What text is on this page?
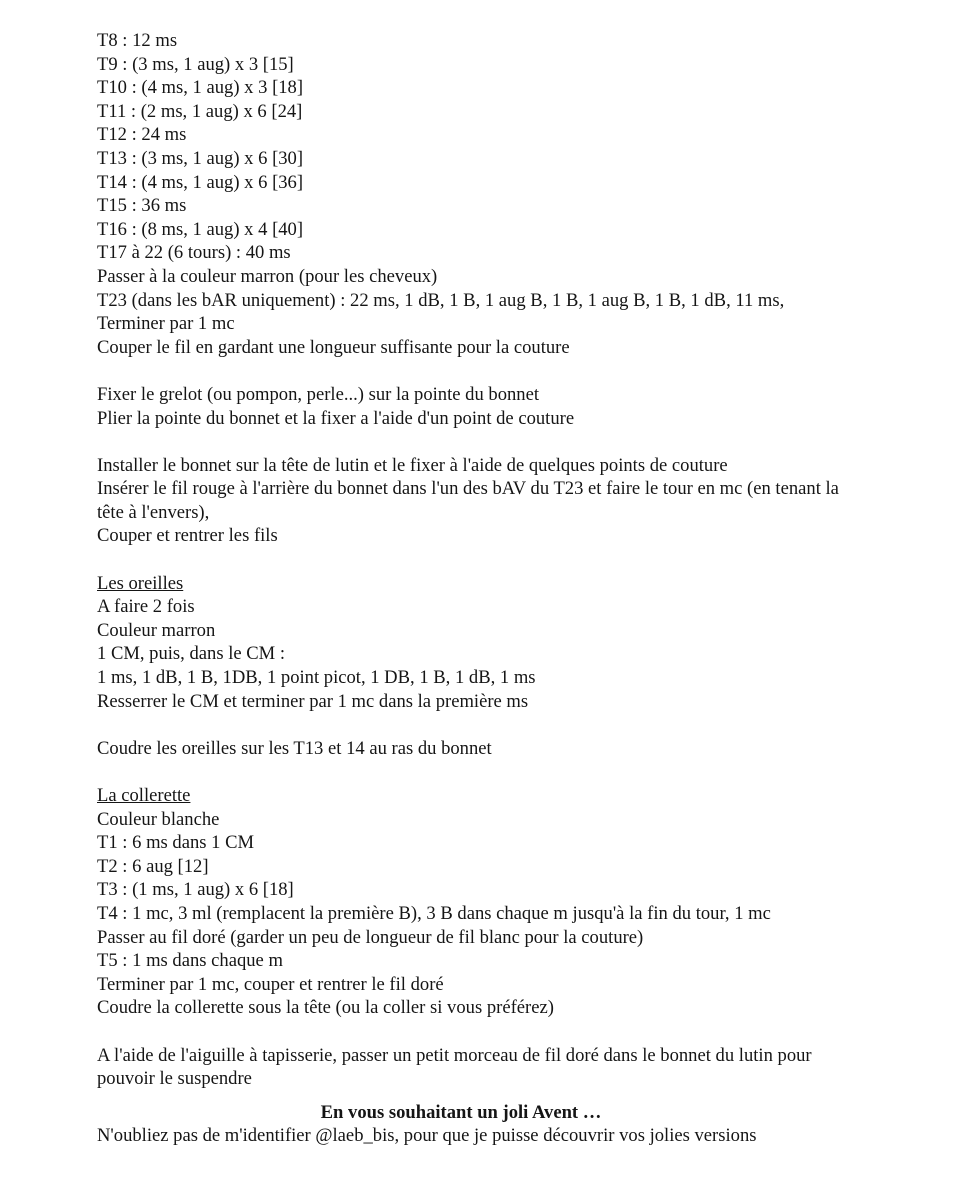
T8 : 12 ms
T9 : (3 ms, 1 aug) x 3 [15]
T10 : (4 ms, 1 aug) x 3 [18]
T11 : (2 ms, 1 aug) x 6 [24]
T12 : 24 ms
T13 : (3 ms, 1 aug) x 6 [30]
T14 : (4 ms, 1 aug) x 6 [36]
T15 : 36 ms
T16 : (8 ms, 1 aug) x 4 [40]
T17 à 22 (6 tours) : 40 ms
Passer à la couleur marron (pour les cheveux)
T23 (dans les bAR uniquement) : 22 ms, 1 dB, 1 B, 1 aug B, 1 B, 1 aug B, 1 B, 1 dB, 11 ms,
Terminer par 1 mc
Couper le fil en gardant une longueur suffisante pour la couture
Fixer le grelot (ou pompon, perle...) sur la pointe du bonnet
Plier la pointe du bonnet et la fixer a l'aide d'un point de couture
Installer le bonnet sur la tête de lutin et le fixer à l'aide de quelques points de couture
Insérer le fil rouge à l'arrière du bonnet dans l'un des bAV du T23 et faire le tour en mc (en tenant la tête à l'envers),
Couper et rentrer les fils
Les oreilles
A faire 2 fois
Couleur marron
1 CM, puis, dans le CM :
1 ms, 1 dB, 1 B, 1DB, 1 point picot, 1 DB, 1 B, 1 dB, 1 ms
Resserrer le CM et terminer par 1 mc dans la première ms
Coudre les oreilles sur les T13 et 14 au ras du bonnet
La collerette
Couleur blanche
T1 : 6 ms dans 1 CM
T2 : 6 aug [12]
T3 : (1 ms, 1 aug) x 6 [18]
T4 : 1 mc, 3 ml (remplacent la première B), 3 B dans chaque m jusqu'à la fin du tour, 1 mc
Passer au fil doré (garder un peu de longueur de fil blanc pour la couture)
T5 : 1 ms dans chaque m
Terminer par 1 mc, couper et rentrer le fil doré
Coudre la collerette sous la tête (ou la coller si vous préférez)
A l'aide de l'aiguille à tapisserie, passer un petit morceau de fil doré dans le bonnet du lutin pour pouvoir le suspendre
En vous souhaitant un joli Avent …
N'oubliez pas de m'identifier @laeb_bis, pour que je puisse découvrir vos jolies versions
